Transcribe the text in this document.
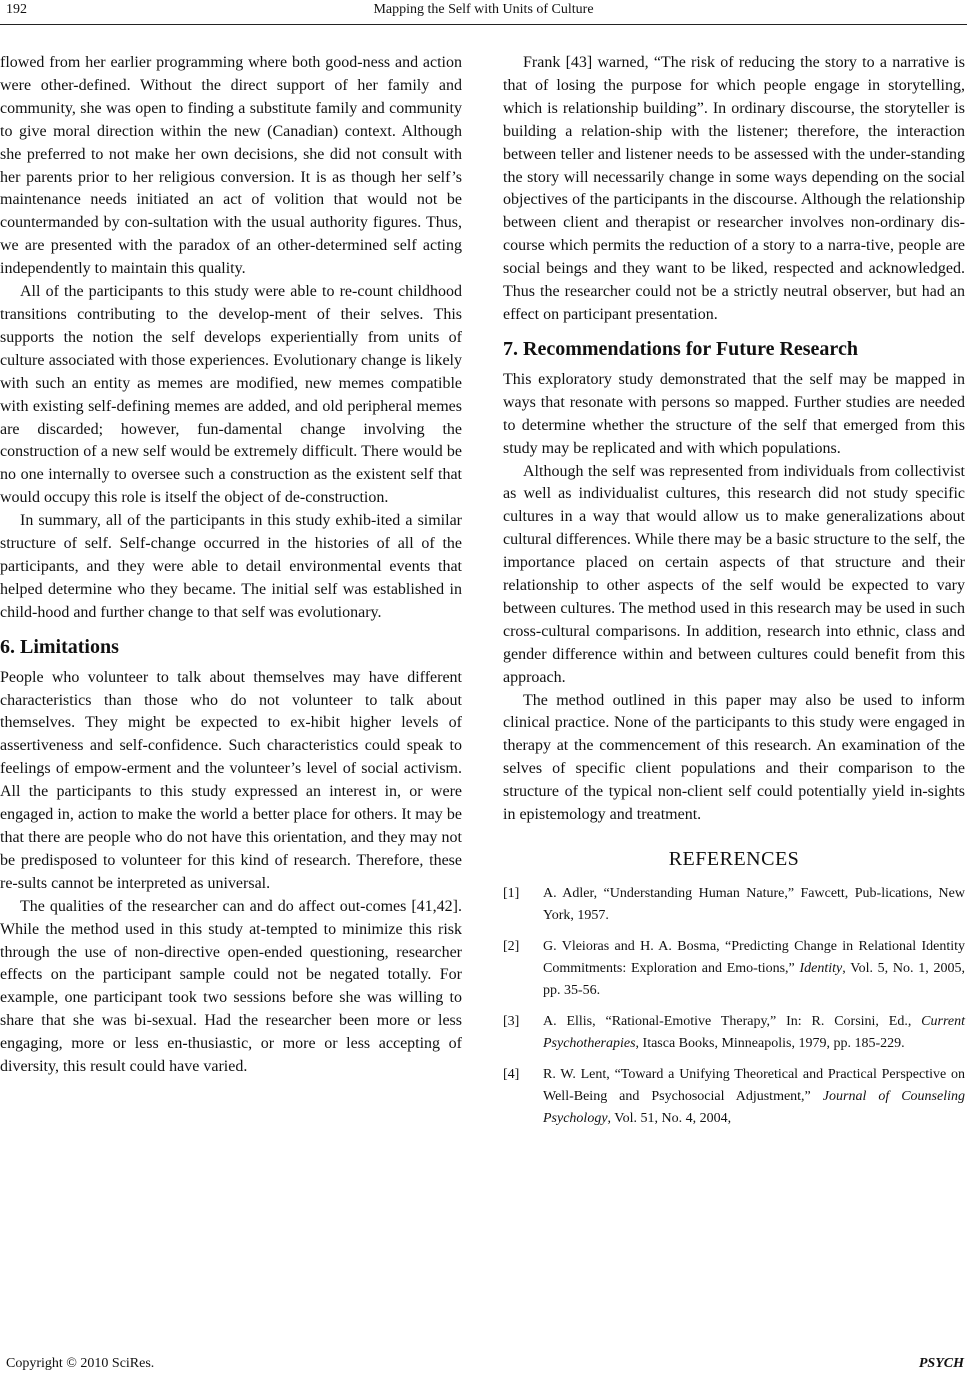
192	Mapping the Self with Units of Culture

flowed from her earlier programming where both good-ness and action were other-defined. Without the direct support of her family and community, she was open to finding a substitute family and community to give moral direction within the new (Canadian) context. Although she preferred to not make her own decisions, she did not consult with her parents prior to her religious conversion. It is as though her self’s maintenance needs initiated an act of volition that would not be countermanded by con-sultation with the usual authority figures. Thus, we are presented with the paradox of an other-determined self acting independently to maintain this quality.

All of the participants to this study were able to re-count childhood transitions contributing to the develop-ment of their selves. This supports the notion the self develops experientially from units of culture associated with those experiences. Evolutionary change is likely with such an entity as memes are modified, new memes compatible with existing self-defining memes are added, and old peripheral memes are discarded; however, fun-damental change involving the construction of a new self would be extremely difficult. There would be no one internally to oversee such a construction as the existent self that would occupy this role is itself the object of de-construction.

In summary, all of the participants in this study exhib-ited a similar structure of self. Self-change occurred in the histories of all of the participants, and they were able to detail environmental events that helped determine who they became. The initial self was established in child-hood and further change to that self was evolutionary.

6. Limitations

People who volunteer to talk about themselves may have different characteristics than those who do not volunteer to talk about themselves. They might be expected to ex-hibit higher levels of assertiveness and self-confidence. Such characteristics could speak to feelings of empow-erment and the volunteer’s level of social activism. All the participants to this study expressed an interest in, or were engaged in, action to make the world a better place for others. It may be that there are people who do not have this orientation, and they may not be predisposed to volunteer for this kind of research. Therefore, these re-sults cannot be interpreted as universal.

The qualities of the researcher can and do affect out-comes [41,42]. While the method used in this study at-tempted to minimize this risk through the use of non-directive open-ended questioning, researcher effects on the participant sample could not be negated totally. For example, one participant took two sessions before she was willing to share that she was bi-sexual. Had the researcher been more or less engaging, more or less en-thusiastic, or more or less accepting of diversity, this result could have varied.

Frank [43] warned, “The risk of reducing the story to a narrative is that of losing the purpose for which people engage in storytelling, which is relationship building”. In ordinary discourse, the storyteller is building a relation-ship with the listener; therefore, the interaction between teller and listener needs to be assessed with the under-standing the story will necessarily change in some ways depending on the social objectives of the participants in the discourse. Although the relationship between client and therapist or researcher involves non-ordinary dis-course which permits the reduction of a story to a narra-tive, people are social beings and they want to be liked, respected and acknowledged. Thus the researcher could not be a strictly neutral observer, but had an effect on participant presentation.

7. Recommendations for Future Research

This exploratory study demonstrated that the self may be mapped in ways that resonate with persons so mapped. Further studies are needed to determine whether the structure of the self that emerged from this study may be replicated and with which populations.

Although the self was represented from individuals from collectivist as well as individualist cultures, this research did not study specific cultures in a way that would allow us to make generalizations about cultural differences. While there may be a basic structure to the self, the importance placed on certain aspects of that structure and their relationship to other aspects of the self would be expected to vary between cultures. The method used in this research may be used in such cross-cultural comparisons. In addition, research into ethnic, class and gender difference within and between cultures could benefit from this approach.

The method outlined in this paper may also be used to inform clinical practice. None of the participants to this study were engaged in therapy at the commencement of this research. An examination of the selves of specific client populations and their comparison to the structure of the typical non-client self could potentially yield in-sights in epistemology and treatment.

REFERENCES
[1]	A. Adler, “Understanding Human Nature,” Fawcett, Pub-lications, New York, 1957.
[2]	G. Vleioras and H. A. Bosma, “Predicting Change in Relational Identity Commitments: Exploration and Emo-tions,” Identity, Vol. 5, No. 1, 2005, pp. 35-56.
[3]	A. Ellis, “Rational-Emotive Therapy,” In: R. Corsini, Ed., Current Psychotherapies, Itasca Books, Minneapolis, 1979, pp. 185-229.
[4]	R. W. Lent, “Toward a Unifying Theoretical and Practical Perspective on Well-Being and Psychosocial Adjustment,” Journal of Counseling Psychology, Vol. 51, No. 4, 2004,
Copyright © 2010 SciRes.	PSYCH
